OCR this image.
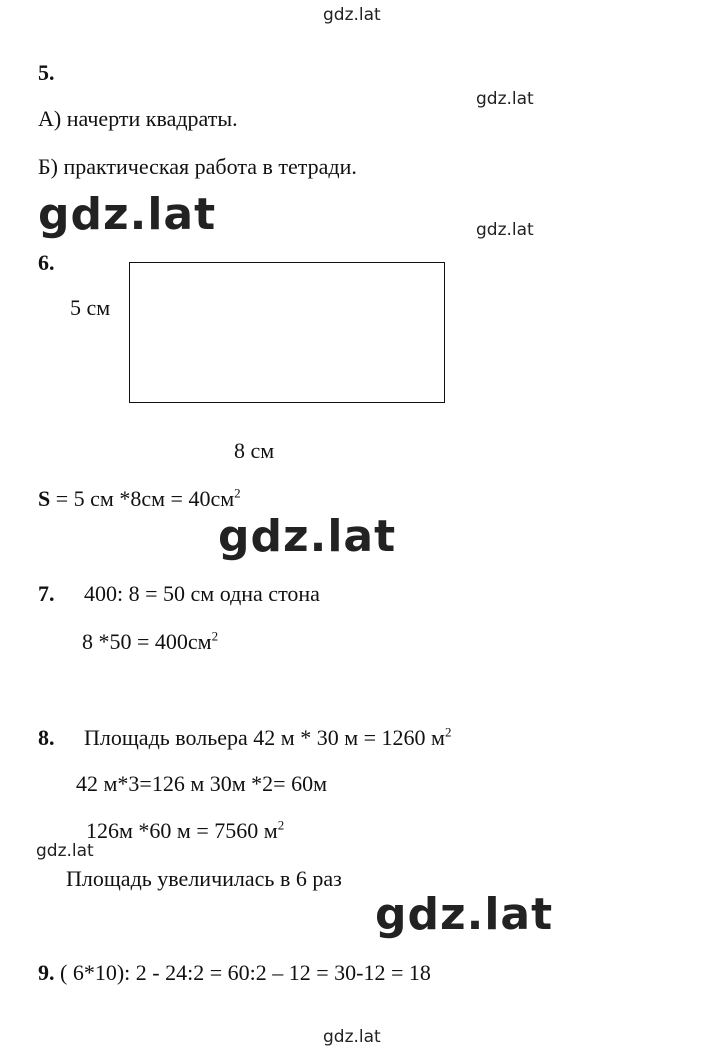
gdz.lat
gdz.lat
gdz.lat	gdz.lat
gdz.lat
gdz.lat
gdz.lat
gdz.lat
5.
А) начерти квадраты.
Б) практическая работа в тетради.
6.
5 см
8 см
S = 5 см $*8см = 40см^2$
7. 400: 8 = 50 см одна стона
8 $*50 = 400см^2$
8. Площадь вольера 42 м * 30 м = 1260 $м^2$
42 м*3=126 м 30м *2= 60м
126м *60 м = 7560 $м^2$
Площадь увеличилась в 6 раз
9. ( 6*10): 2 - 24:2 = 60:2 – 12 = 30-12 = 18
